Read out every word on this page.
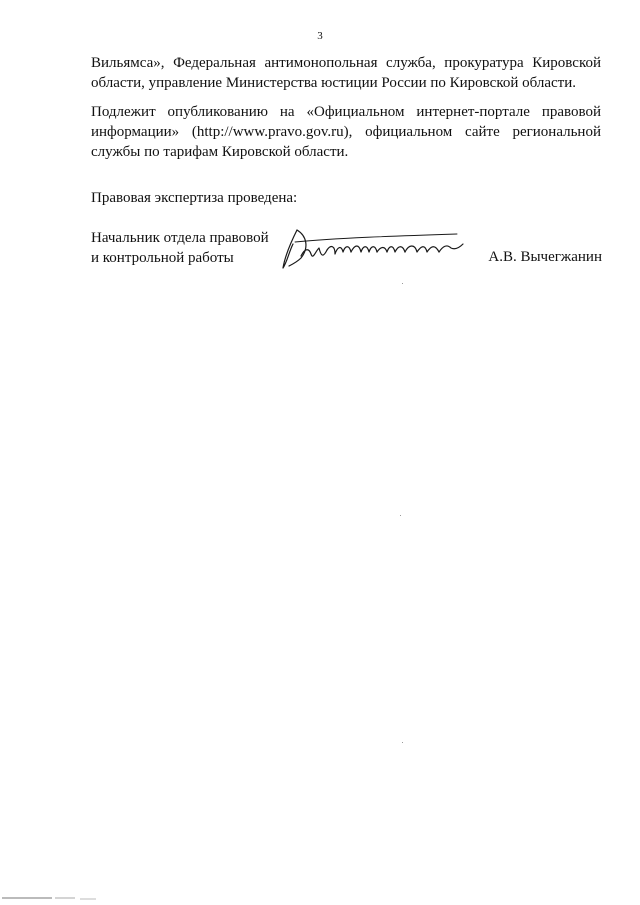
3
Вильямса», Федеральная антимонопольная служба, прокуратура Кировской
области, управление Министерства юстиции России по Кировской области.
Подлежит опубликованию на «Официальном интернет-портале правовой
информации» (http://www.pravo.gov.ru), официальном сайте региональной
службы по тарифам Кировской области.

Правовая экспертиза проведена:

Начальник отдела правовой
и контрольной работы	А.В. Вычегжанин
